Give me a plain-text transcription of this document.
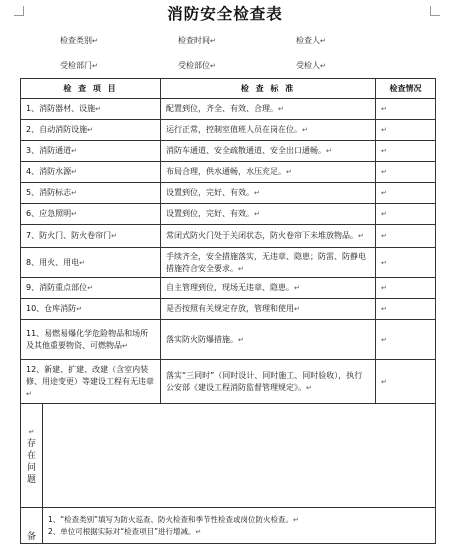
消防安全检查表
检查类别↵	检查时间↵	检查人↵
受检部门↵	受检部位↵	受检人↵
检 查 项 目		检 查 标 准	检查情况
1、消防器材、设施↵		配置到位，齐全、有效、合理。↵	↵
2、自动消防设施↵		运行正常，控制室值班人员在岗在位。↵	↵
3、消防通道↵		消防车通道、安全疏散通道、安全出口通畅。↵	↵
4、消防水源↵		布局合理，供水通畅，水压充足。↵	↵
5、消防标志↵		设置到位，完好、有效。↵	↵
6、应急照明↵		设置到位，完好、有效。↵	↵
7、防火门、防火卷帘门↵		常闭式防火门处于关闭状态，防火卷帘下未堆放物品。↵	↵
8、用火、用电↵		手续齐全，安全措施落实，无违章、隐患；防雷、防静电措施符合安全要求。↵	↵
9、消防重点部位↵		自主管理到位，现场无违章、隐患。↵	↵
10、仓库消防↵		是否按照有关规定存放，管理和使用↵	↵
11、易燃易爆化学危险物品和场所及其他重要物资、可燃物品↵		落实防火防爆措施。↵	↵
12、新建、扩建、改建（含室内装修、用途变更）等建设工程有无违章↵		落实“三同时”（同时设计、同时施工、同时验收），执行公安部《建设工程消防监督管理规定》。↵	↵

↵
存
在
问
题			

备	1、“检查类别”填写为防火巡查、防火检查和季节性检查或岗位防火检查。↵
2、单位可根据实际对“检查项目”进行增减。↵		
